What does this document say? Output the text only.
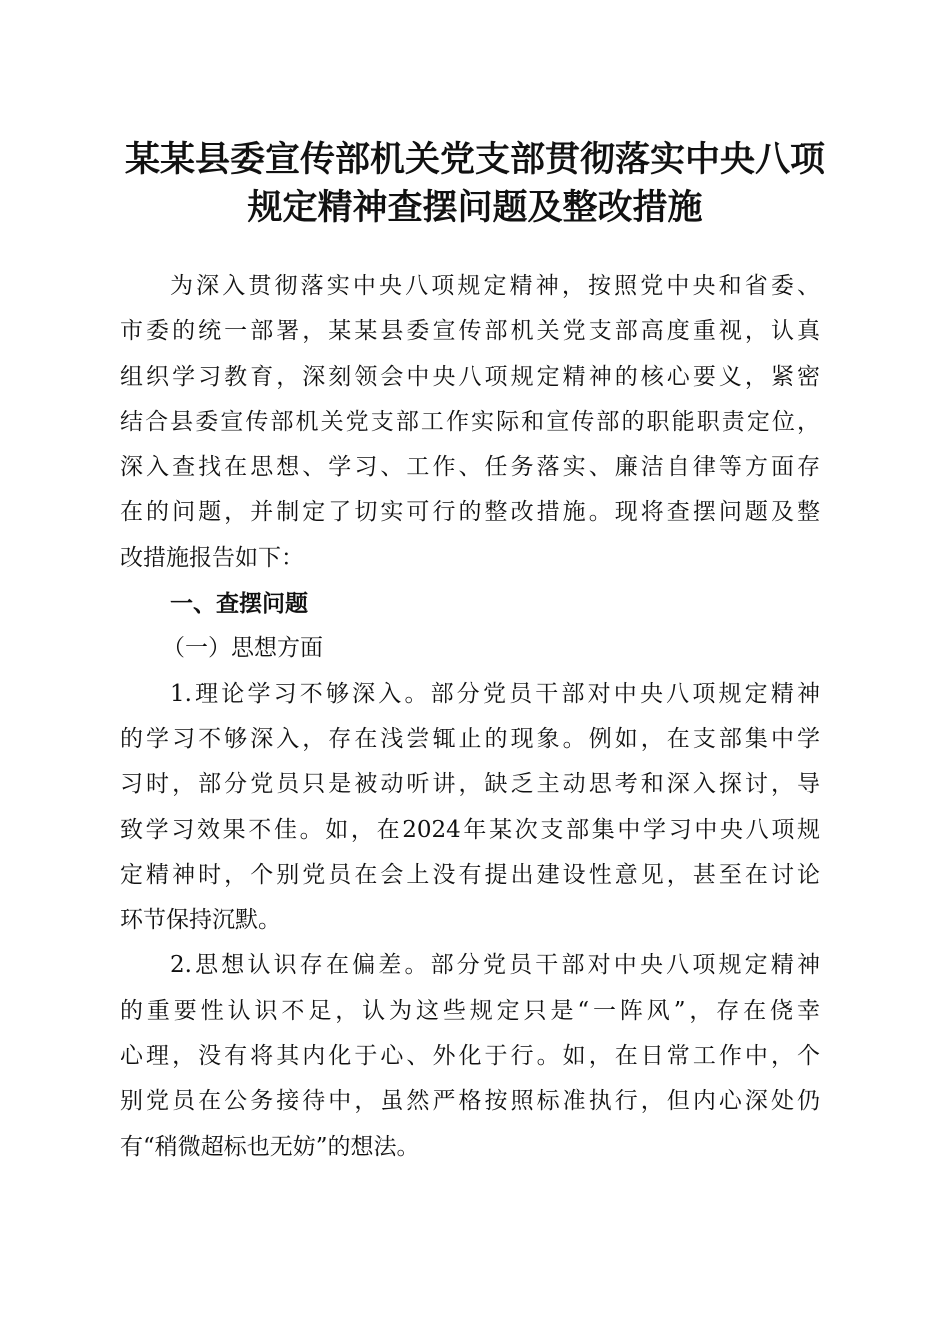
某某县委宣传部机关党支部贯彻落实中央八项
规定精神查摆问题及整改措施
为深入贯彻落实中央八项规定精神，按照党中央和省委、
市委的统一部署，某某县委宣传部机关党支部高度重视，认真
组织学习教育，深刻领会中央八项规定精神的核心要义，紧密
结合县委宣传部机关党支部工作实际和宣传部的职能职责定位，
深入查找在思想、学习、工作、任务落实、廉洁自律等方面存
在的问题，并制定了切实可行的整改措施。现将查摆问题及整
改措施报告如下：
一、查摆问题
（一）思想方面
1.理论学习不够深入。部分党员干部对中央八项规定精神
的学习不够深入，存在浅尝辄止的现象。例如，在支部集中学
习时，部分党员只是被动听讲，缺乏主动思考和深入探讨，导
致学习效果不佳。如，在2024年某次支部集中学习中央八项规
定精神时，个别党员在会上没有提出建设性意见，甚至在讨论
环节保持沉默。
2.思想认识存在偏差。部分党员干部对中央八项规定精神
的重要性认识不足，认为这些规定只是“一阵风”，存在侥幸
心理，没有将其内化于心、外化于行。如，在日常工作中，个
别党员在公务接待中，虽然严格按照标准执行，但内心深处仍
有“稍微超标也无妨”的想法。
